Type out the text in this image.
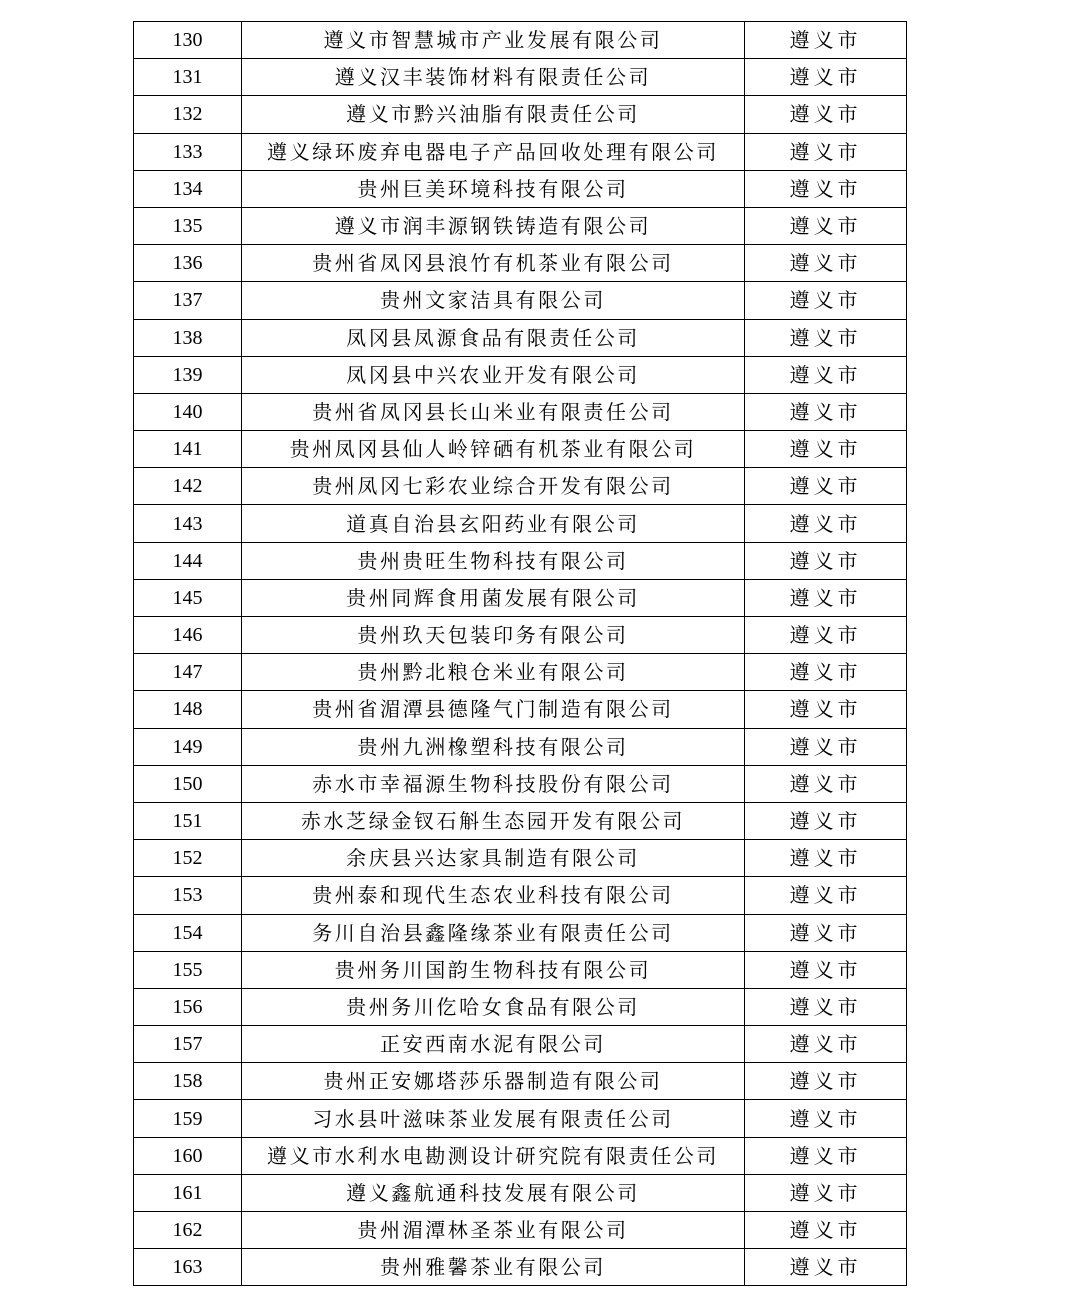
130	遵义市智慧城市产业发展有限公司	遵义市
131	遵义汉丰装饰材料有限责任公司	遵义市
132	遵义市黔兴油脂有限责任公司	遵义市
133	遵义绿环废弃电器电子产品回收处理有限公司	遵义市
134	贵州巨美环境科技有限公司	遵义市
135	遵义市润丰源钢铁铸造有限公司	遵义市
136	贵州省凤冈县浪竹有机茶业有限公司	遵义市
137	贵州文家洁具有限公司	遵义市
138	凤冈县凤源食品有限责任公司	遵义市
139	凤冈县中兴农业开发有限公司	遵义市
140	贵州省凤冈县长山米业有限责任公司	遵义市
141	贵州凤冈县仙人岭锌硒有机茶业有限公司	遵义市
142	贵州凤冈七彩农业综合开发有限公司	遵义市
143	道真自治县玄阳药业有限公司	遵义市
144	贵州贵旺生物科技有限公司	遵义市
145	贵州同辉食用菌发展有限公司	遵义市
146	贵州玖天包装印务有限公司	遵义市
147	贵州黔北粮仓米业有限公司	遵义市
148	贵州省湄潭县德隆气门制造有限公司	遵义市
149	贵州九洲橡塑科技有限公司	遵义市
150	赤水市幸福源生物科技股份有限公司	遵义市
151	赤水芝绿金钗石斛生态园开发有限公司	遵义市
152	余庆县兴达家具制造有限公司	遵义市
153	贵州泰和现代生态农业科技有限公司	遵义市
154	务川自治县鑫隆缘茶业有限责任公司	遵义市
155	贵州务川国韵生物科技有限公司	遵义市
156	贵州务川仡哈女食品有限公司	遵义市
157	正安西南水泥有限公司	遵义市
158	贵州正安娜塔莎乐器制造有限公司	遵义市
159	习水县叶滋味茶业发展有限责任公司	遵义市
160	遵义市水利水电勘测设计研究院有限责任公司	遵义市
161	遵义鑫航通科技发展有限公司	遵义市
162	贵州湄潭林圣茶业有限公司	遵义市
163	贵州雅馨茶业有限公司	遵义市
